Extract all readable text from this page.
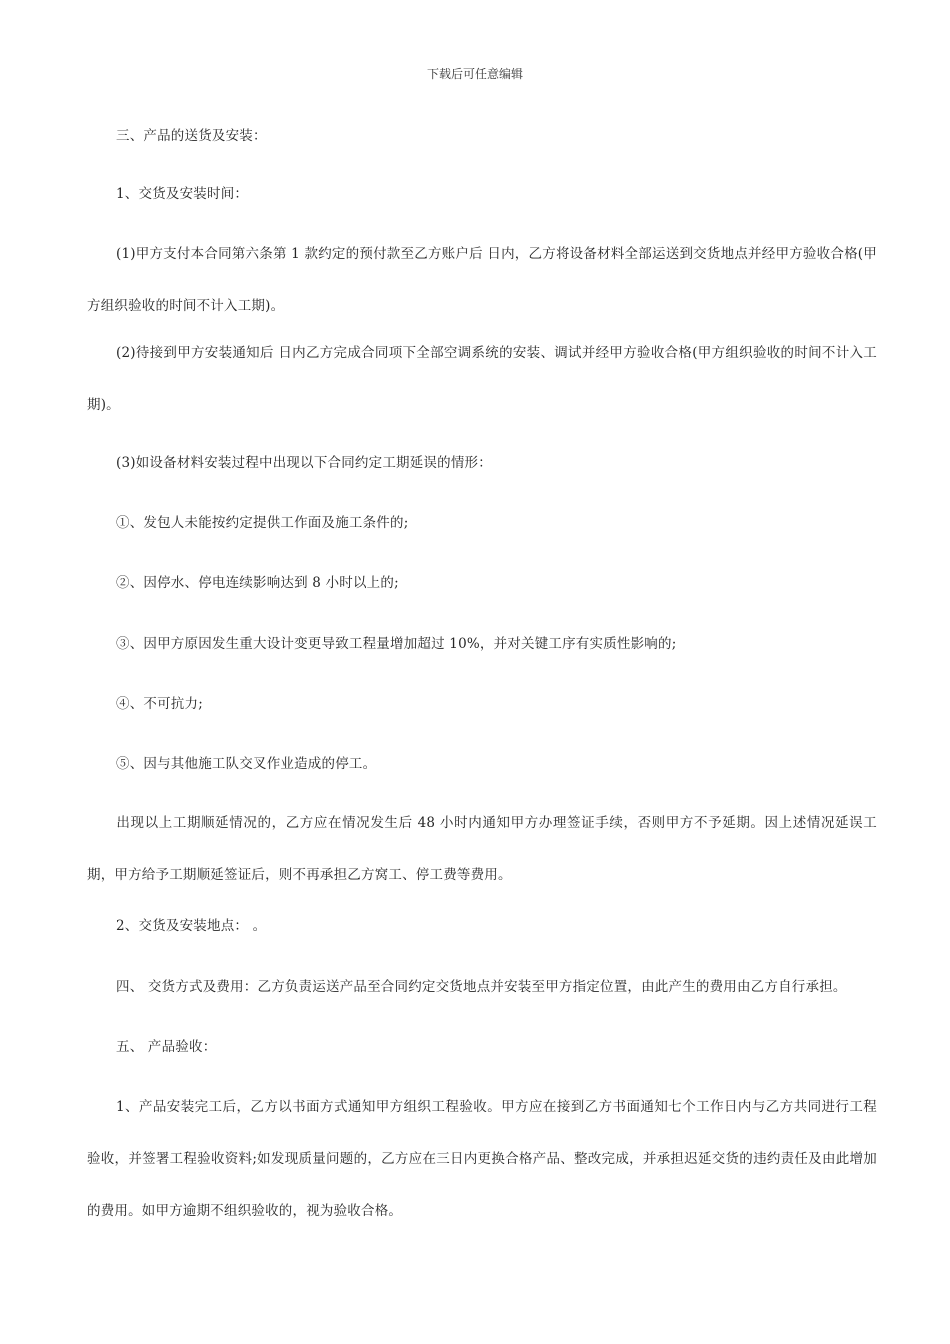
下载后可任意编辑
三、产品的送货及安装：
1、交货及安装时间：
(1)甲方支付本合同第六条第 1 款约定的预付款至乙方账户后 日内，乙方将设备材料全部运送到交货地点并经甲方验收合格(甲方组织验收的时间不计入工期)。
(2)待接到甲方安装通知后 日内乙方完成合同项下全部空调系统的安装、调试并经甲方验收合格(甲方组织验收的时间不计入工期)。
(3)如设备材料安装过程中出现以下合同约定工期延误的情形：
①、发包人未能按约定提供工作面及施工条件的;
②、因停水、停电连续影响达到 8 小时以上的;
③、因甲方原因发生重大设计变更导致工程量增加超过 10%，并对关键工序有实质性影响的;
④、不可抗力;
⑤、因与其他施工队交叉作业造成的停工。
出现以上工期顺延情况的，乙方应在情况发生后 48 小时内通知甲方办理签证手续，否则甲方不予延期。因上述情况延误工期，甲方给予工期顺延签证后，则不再承担乙方窝工、停工费等费用。
2、交货及安装地点： 。
四、 交货方式及费用：乙方负责运送产品至合同约定交货地点并安装至甲方指定位置，由此产生的费用由乙方自行承担。
五、 产品验收：
1、产品安装完工后，乙方以书面方式通知甲方组织工程验收。甲方应在接到乙方书面通知七个工作日内与乙方共同进行工程验收，并签署工程验收资料;如发现质量问题的，乙方应在三日内更换合格产品、整改完成，并承担迟延交货的违约责任及由此增加的费用。如甲方逾期不组织验收的，视为验收合格。
